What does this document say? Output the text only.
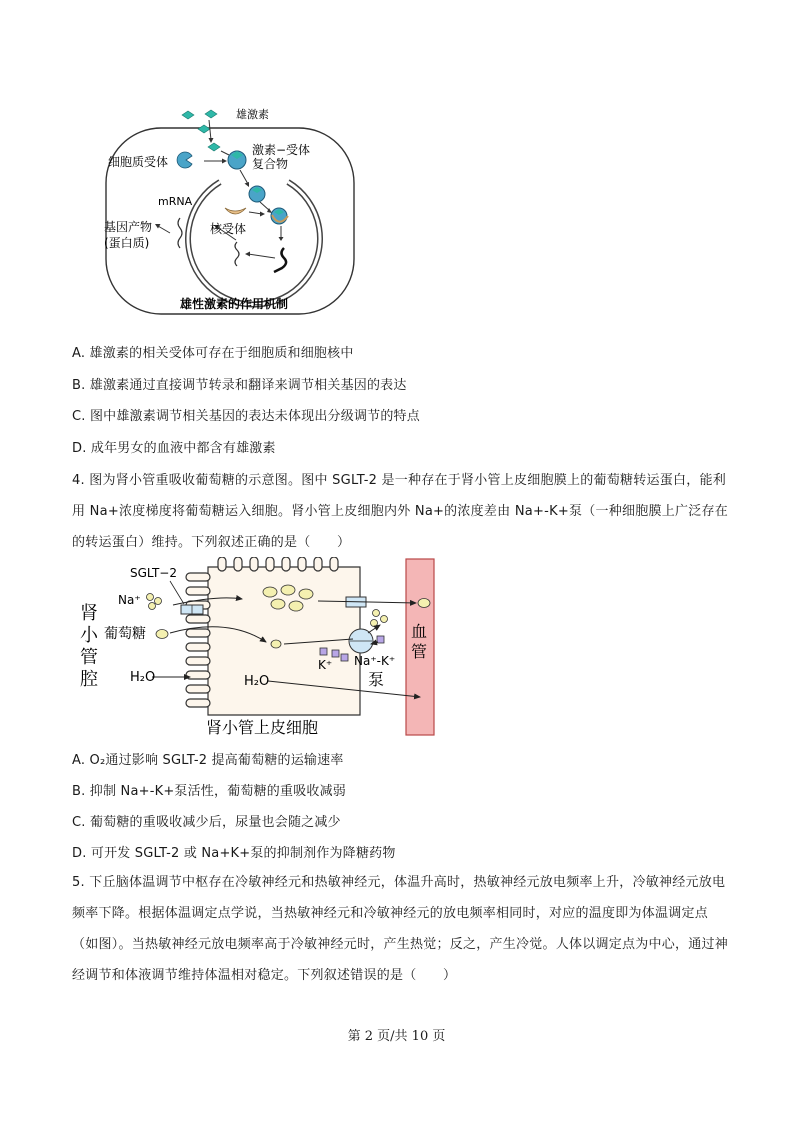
雄激素
激素−受体
复合物
细胞质受体
mRNA
基因产物
(蛋白质)
核受体
雄性激素的作用机制
A. 雄激素的相关受体可存在于细胞质和细胞核中
B. 雄激素通过直接调节转录和翻译来调节相关基因的表达
C. 图中雄激素调节相关基因的表达未体现出分级调节的特点
D. 成年男女的血液中都含有雄激素
4. 图为肾小管重吸收葡萄糖的示意图。图中 SGLT-2 是一种存在于肾小管上皮细胞膜上的葡萄糖转运蛋白，能利用 Na+浓度梯度将葡萄糖运入细胞。肾小管上皮细胞内外 Na+的浓度差由 Na+-K+泵（一种细胞膜上广泛存在的转运蛋白）维持。下列叙述正确的是（　　）
SGLT−2
Na⁺
肾
小
管
腔
葡萄糖
H₂O	H₂O
K⁺ Na⁺-K⁺
泵
血
管
肾小管上皮细胞
A. O₂通过影响 SGLT-2 提高葡萄糖的运输速率
B. 抑制 Na+-K+泵活性，葡萄糖的重吸收减弱
C. 葡萄糖的重吸收减少后，尿量也会随之减少
D. 可开发 SGLT-2 或 Na+K+泵的抑制剂作为降糖药物
5. 下丘脑体温调节中枢存在冷敏神经元和热敏神经元，体温升高时，热敏神经元放电频率上升，冷敏神经元放电频率下降。根据体温调定点学说，当热敏神经元和冷敏神经元的放电频率相同时，对应的温度即为体温调定点（如图）。当热敏神经元放电频率高于冷敏神经元时，产生热觉；反之，产生冷觉。人体以调定点为中心，通过神经调节和体液调节维持体温相对稳定。下列叙述错误的是（　　）
第 2 页/共 10 页
